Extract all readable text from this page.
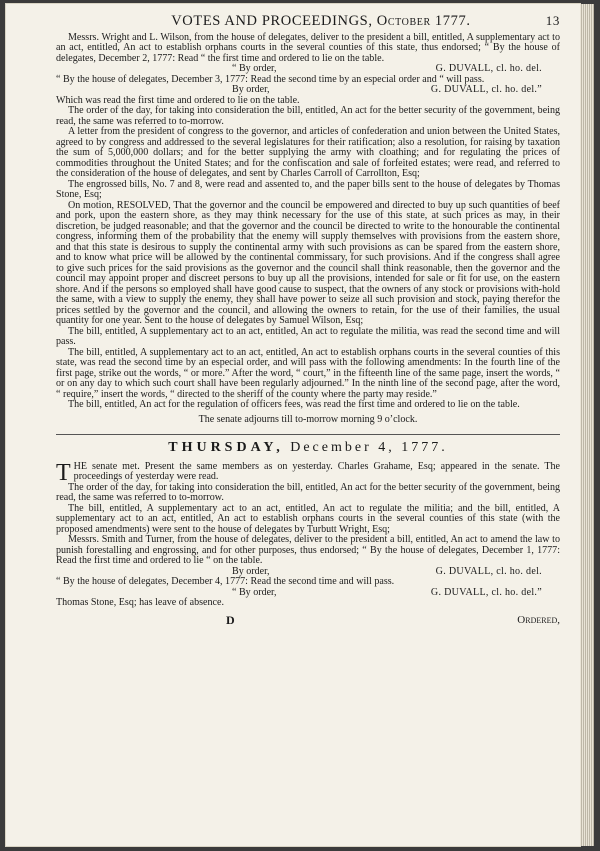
VOTES AND PROCEEDINGS, October 1777.	13

Messrs. Wright and L. Wilson, from the house of delegates, deliver to the president a bill, entitled, A supplementary act to an act, entitled, An act to establish orphans courts in the several counties of this state, thus endorsed; “ By the house of delegates, December 2, 1777: Read “ the first time and ordered to lie on the table.

“ By order,	G. DUVALL, cl. ho. del.

“ By the house of delegates, December 3, 1777: Read the second time by an especial order and “ will pass.

By order,	G. DUVALL, cl. ho. del.”

Which was read the first time and ordered to lie on the table.

The order of the day, for taking into consideration the bill, entitled, An act for the better security of the government, being read, the same was referred to to-morrow.

A letter from the president of congress to the governor, and articles of confederation and union between the United States, agreed to by congress and addressed to the several legislatures for their ratification; also a resolution, for raising by taxation the sum of 5,000,000 dollars; and for the better supplying the army with cloathing; and for regulating the prices of commodities throughout the United States; and for the confiscation and sale of forfeited estates; were read, and referred to the consideration of the house of delegates, and sent by Charles Carroll of Carrollton, Esq;

The engrossed bills, No. 7 and 8, were read and assented to, and the paper bills sent to the house of delegates by Thomas Stone, Esq;

On motion, RESOLVED, That the governor and the council be empowered and directed to buy up such quantities of beef and pork, upon the eastern shore, as they may think necessary for the use of this state, at such prices as may, in their discretion, be judged reasonable; and that the governor and the council be directed to write to the honourable the continental congress, informing them of the probability that the enemy will supply themselves with provisions from the eastern shore, and that this state is desirous to supply the continental army with such provisions as can be spared from the eastern shore, and to know what price will be allowed by the continental commissary, for such provisions. And if the congress shall agree to give such prices for the said provisions as the governor and the council shall think reasonable, then the governor and the council may appoint proper and discreet persons to buy up all the provisions, intended for sale or fit for use, on the eastern shore. And if the persons so employed shall have good cause to suspect, that the owners of any stock or provisions with-hold the same, with a view to supply the enemy, they shall have power to seize all such provision and stock, paying therefor the prices settled by the governor and the council, and allowing the owners to retain, for the use of their families, the usual quantity for one year. Sent to the house of delegates by Samuel Wilson, Esq;

The bill, entitled, A supplementary act to an act, entitled, An act to regulate the militia, was read the second time and will pass.

The bill, entitled, A supplementary act to an act, entitled, An act to establish orphans courts in the several counties of this state, was read the second time by an especial order, and will pass with the following amendments: In the fourth line of the first page, strike out the words, “ or more.” After the word, “ court,” in the fifteenth line of the same page, insert the words, “ or on any day to which such court shall have been regularly adjourned.” In the ninth line of the second page, after the word, “ require,” insert the words, “ directed to the sheriff of the county where the party may reside.”

The bill, entitled, An act for the regulation of officers fees, was read the first time and ordered to lie on the table.

The senate adjourns till to-morrow morning 9 o’clock.
THURSDAY, December 4, 1777.

THE senate met. Present the same members as on yesterday. Charles Grahame, Esq; appeared in the senate. The proceedings of yesterday were read.

The order of the day, for taking into consideration the bill, entitled, An act for the better security of the government, being read, the same was referred to to-morrow.

The bill, entitled, A supplementary act to an act, entitled, An act to regulate the militia; and the bill, entitled, A supplementary act to an act, entitled, An act to establish orphans courts in the several counties of this state (with the proposed amendments) were sent to the house of delegates by Turbutt Wright, Esq;

Messrs. Smith and Turner, from the house of delegates, deliver to the president a bill, entitled, An act to amend the law to punish forestalling and engrossing, and for other purposes, thus endorsed; “ By the house of delegates, December 1, 1777: Read the first time and ordered to lie “ on the table.

By order,	G. DUVALL, cl. ho. del.

“ By the house of delegates, December 4, 1777: Read the second time and will pass.

“ By order,	G. DUVALL, cl. ho. del.”

Thomas Stone, Esq; has leave of absence.

D	Ordered,
